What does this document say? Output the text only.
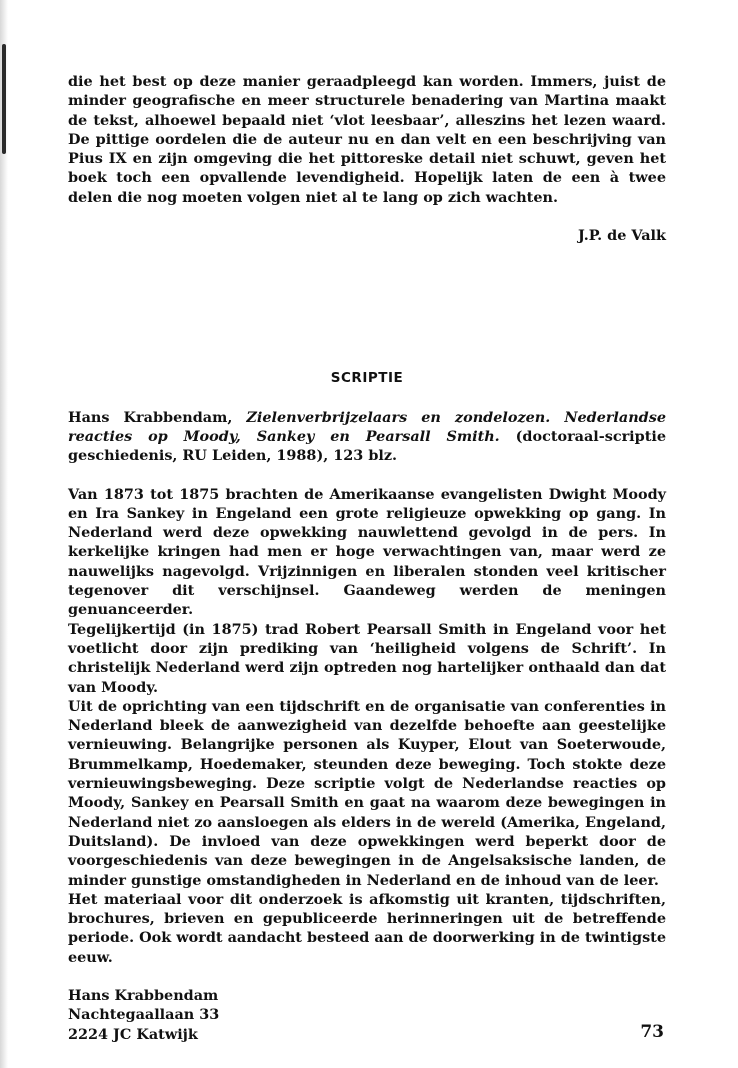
die het best op deze manier geraadpleegd kan worden. Immers, juist de minder geografische en meer structurele benadering van Martina maakt de tekst, alhoewel bepaald niet ‘vlot leesbaar’, alleszins het lezen waard. De pittige oordelen die de auteur nu en dan velt en een beschrijving van Pius IX en zijn omgeving die het pittoreske detail niet schuwt, geven het boek toch een opvallende levendigheid. Hopelijk laten de een à twee delen die nog moeten volgen niet al te lang op zich wachten.

J.P. de Valk
SCRIPTIE

Hans Krabbendam, Zielenverbrijzelaars en zondelozen. Nederlandse reacties op Moody, Sankey en Pearsall Smith. (doctoraal-scriptie geschiedenis, RU Leiden, 1988), 123 blz.

Van 1873 tot 1875 brachten de Amerikaanse evangelisten Dwight Moody en Ira Sankey in Engeland een grote religieuze opwekking op gang. In Nederland werd deze opwekking nauwlettend gevolgd in de pers. In kerkelijke kringen had men er hoge verwachtingen van, maar werd ze nauwelijks nagevolgd. Vrijzinnigen en liberalen stonden veel kritischer tegenover dit verschijnsel. Gaandeweg werden de meningen genuanceerder.

Tegelijkertijd (in 1875) trad Robert Pearsall Smith in Engeland voor het voetlicht door zijn prediking van ‘heiligheid volgens de Schrift’. In christelijk Nederland werd zijn optreden nog hartelijker onthaald dan dat van Moody.

Uit de oprichting van een tijdschrift en de organisatie van conferenties in Nederland bleek de aanwezigheid van dezelfde behoefte aan geestelijke vernieuwing. Belangrijke personen als Kuyper, Elout van Soeterwoude, Brummelkamp, Hoedemaker, steunden deze beweging. Toch stokte deze vernieuwingsbeweging. Deze scriptie volgt de Nederlandse reacties op Moody, Sankey en Pearsall Smith en gaat na waarom deze bewegingen in Nederland niet zo aansloegen als elders in de wereld (Amerika, Engeland, Duitsland). De invloed van deze opwekkingen werd beperkt door de voorgeschiedenis van deze bewegingen in de Angelsaksische landen, de minder gunstige omstandigheden in Nederland en de inhoud van de leer.

Het materiaal voor dit onderzoek is afkomstig uit kranten, tijdschriften, brochures, brieven en gepubliceerde herinneringen uit de betreffende periode. Ook wordt aandacht besteed aan de doorwerking in de twintigste eeuw.

Hans Krabbendam
Nachtegaallaan 33
2224 JC Katwijk	73
